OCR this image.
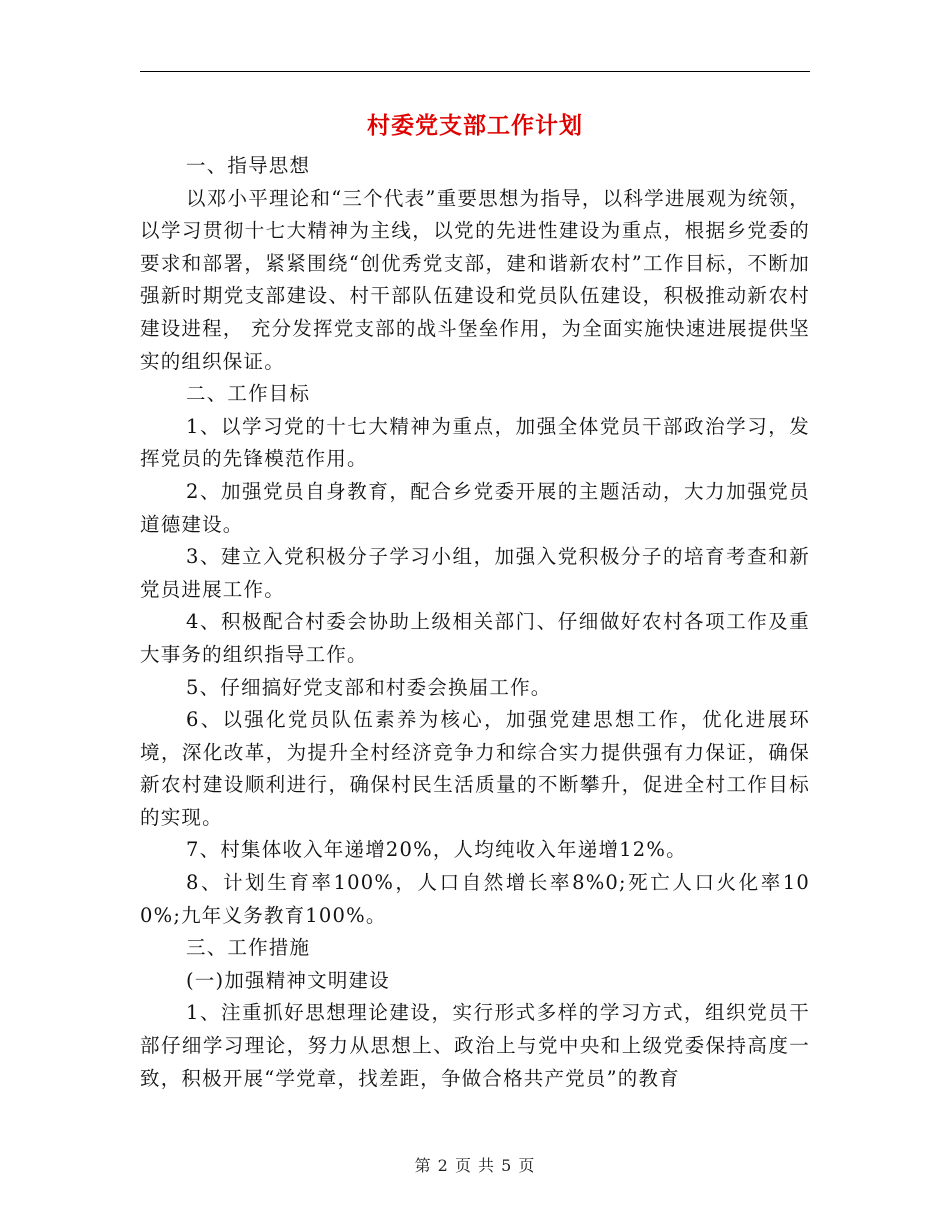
村委党支部工作计划

一、指导思想

以邓小平理论和“三个代表”重要思想为指导，以科学进展观为统领，以学习贯彻十七大精神为主线，以党的先进性建设为重点，根据乡党委的要求和部署，紧紧围绕“创优秀党支部，建和谐新农村”工作目标，不断加强新时期党支部建设、村干部队伍建设和党员队伍建设，积极推动新农村建设进程， 充分发挥党支部的战斗堡垒作用，为全面实施快速进展提供坚实的组织保证。

二、工作目标

1、以学习党的十七大精神为重点，加强全体党员干部政治学习，发挥党员的先锋模范作用。

2、加强党员自身教育，配合乡党委开展的主题活动，大力加强党员道德建设。

3、建立入党积极分子学习小组，加强入党积极分子的培育考查和新党员进展工作。

4、积极配合村委会协助上级相关部门、仔细做好农村各项工作及重大事务的组织指导工作。

5、仔细搞好党支部和村委会换届工作。

6、以强化党员队伍素养为核心，加强党建思想工作，优化进展环境，深化改革，为提升全村经济竞争力和综合实力提供强有力保证，确保新农村建设顺利进行，确保村民生活质量的不断攀升，促进全村工作目标的实现。

7、村集体收入年递增20%，人均纯收入年递增12%。

8、计划生育率100%，人口自然增长率8%0;死亡人口火化率100%;九年义务教育100%。

三、工作措施

(一)加强精神文明建设

1、注重抓好思想理论建设，实行形式多样的学习方式，组织党员干部仔细学习理论，努力从思想上、政治上与党中央和上级党委保持高度一致，积极开展“学党章，找差距，争做合格共产党员”的教育

第 2 页 共 5 页
